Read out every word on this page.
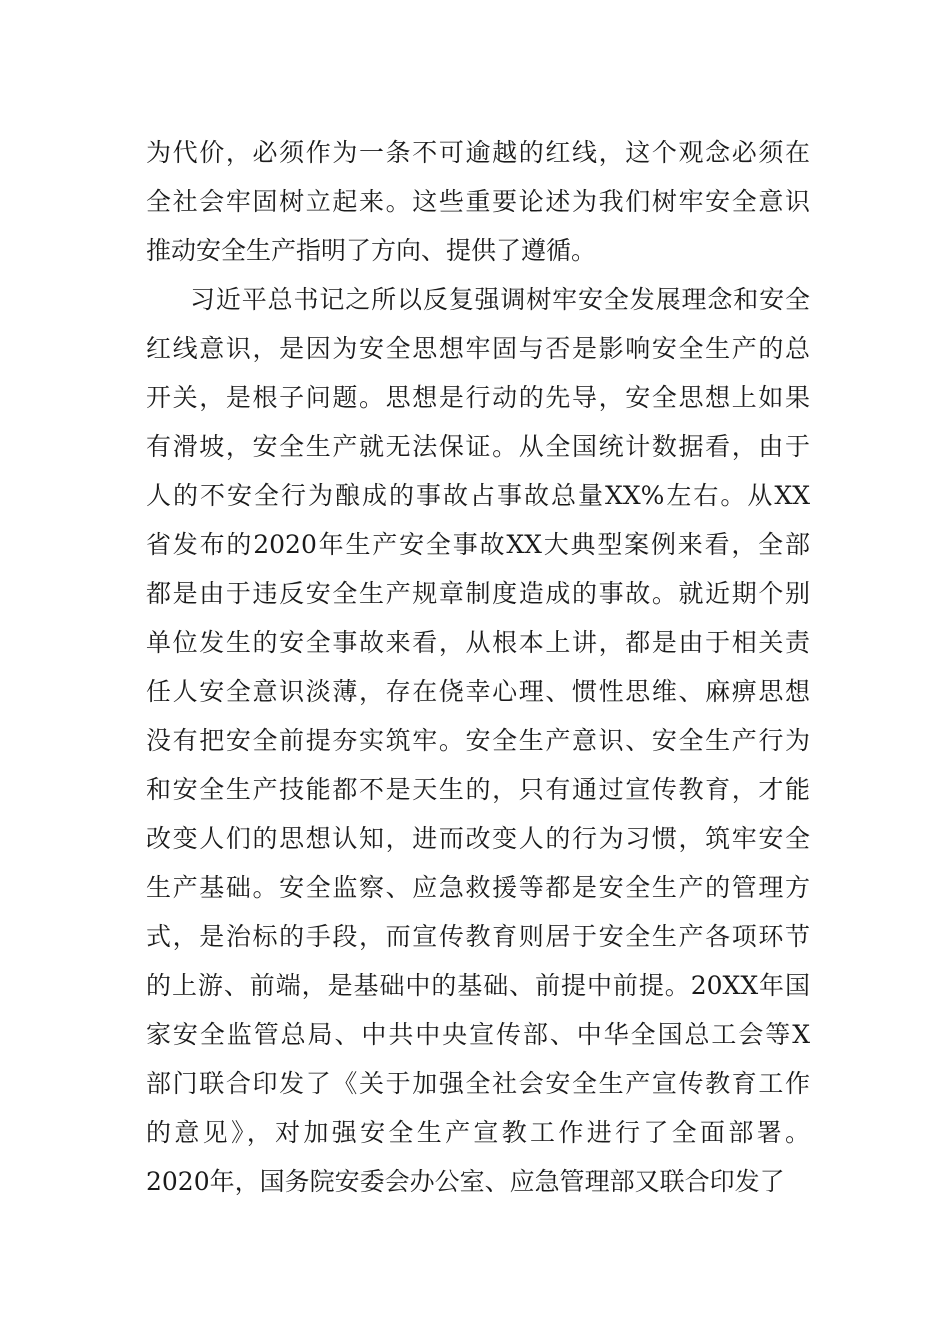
为代价，必须作为一条不可逾越的红线，这个观念必须在
全社会牢固树立起来。这些重要论述为我们树牢安全意识
推动安全生产指明了方向、提供了遵循。
习近平总书记之所以反复强调树牢安全发展理念和安全
红线意识，是因为安全思想牢固与否是影响安全生产的总
开关，是根子问题。思想是行动的先导，安全思想上如果
有滑坡，安全生产就无法保证。从全国统计数据看，由于
人的不安全行为酿成的事故占事故总量XX%左右。从XX
省发布的2020年生产安全事故XX大典型案例来看，全部
都是由于违反安全生产规章制度造成的事故。就近期个别
单位发生的安全事故来看，从根本上讲，都是由于相关责
任人安全意识淡薄，存在侥幸心理、惯性思维、麻痹思想
没有把安全前提夯实筑牢。安全生产意识、安全生产行为
和安全生产技能都不是天生的，只有通过宣传教育，才能
改变人们的思想认知，进而改变人的行为习惯，筑牢安全
生产基础。安全监察、应急救援等都是安全生产的管理方
式，是治标的手段，而宣传教育则居于安全生产各项环节
的上游、前端，是基础中的基础、前提中前提。20XX年国
家安全监管总局、中共中央宣传部、中华全国总工会等X
部门联合印发了《关于加强全社会安全生产宣传教育工作
的意见》，对加强安全生产宣教工作进行了全面部署。
2020年，国务院安委会办公室、应急管理部又联合印发了
